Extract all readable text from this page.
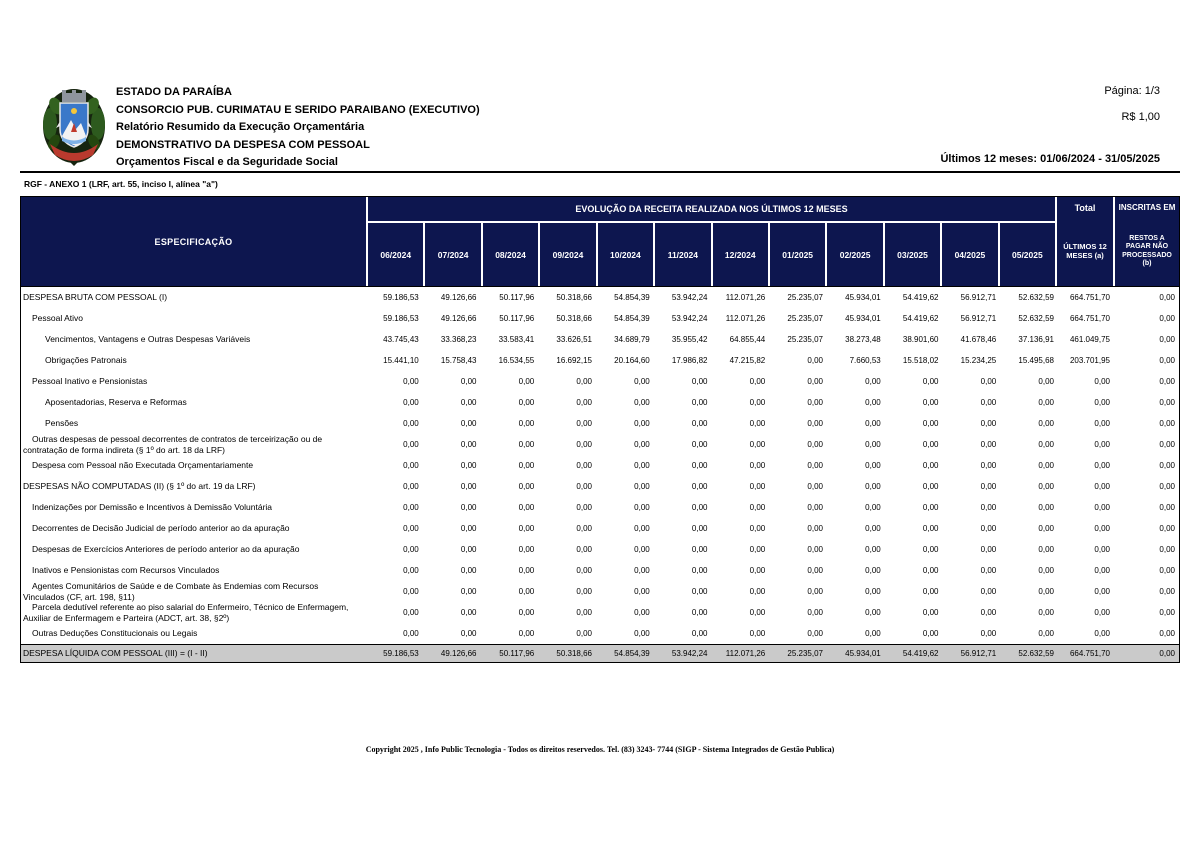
ESTADO DA PARAÍBA
CONSORCIO PUB. CURIMATAU E SERIDO PARAIBANO (EXECUTIVO)
Relatório Resumido da Execução Orçamentária
DEMONSTRATIVO DA DESPESA COM PESSOAL
Orçamentos Fiscal e da Seguridade Social
Página: 1/3
R$ 1,00
Últimos 12 meses: 01/06/2024 - 31/05/2025
RGF - ANEXO 1 (LRF, art. 55, inciso I, alínea "a")
ESPECIFICAÇÃO
EVOLUÇÃO DA RECEITA REALIZADA NOS ÚLTIMOS 12 MESES
06/2024	07/2024	08/2024	09/2024	10/2024	11/2024	12/2024	01/2025	02/2025	03/2025	04/2025	05/2025
Total
ÚLTIMOS 12 MESES (a)
INSCRITAS EM
RESTOS A PAGAR NÃO PROCESSADO (b)
DESPESA BRUTA COM PESSOAL (I)	59.186,53	49.126,66	50.117,96	50.318,66	54.854,39	53.942,24	112.071,26	25.235,07	45.934,01	54.419,62	56.912,71	52.632,59	664.751,70	0,00
Pessoal Ativo	59.186,53	49.126,66	50.117,96	50.318,66	54.854,39	53.942,24	112.071,26	25.235,07	45.934,01	54.419,62	56.912,71	52.632,59	664.751,70	0,00
Vencimentos, Vantagens e Outras Despesas Variáveis	43.745,43	33.368,23	33.583,41	33.626,51	34.689,79	35.955,42	64.855,44	25.235,07	38.273,48	38.901,60	41.678,46	37.136,91	461.049,75	0,00
Obrigações Patronais	15.441,10	15.758,43	16.534,55	16.692,15	20.164,60	17.986,82	47.215,82	0,00	7.660,53	15.518,02	15.234,25	15.495,68	203.701,95	0,00
Pessoal Inativo e Pensionistas	0,00	0,00	0,00	0,00	0,00	0,00	0,00	0,00	0,00	0,00	0,00	0,00	0,00	0,00
Aposentadorias, Reserva e Reformas	0,00	0,00	0,00	0,00	0,00	0,00	0,00	0,00	0,00	0,00	0,00	0,00	0,00	0,00
Pensões	0,00	0,00	0,00	0,00	0,00	0,00	0,00	0,00	0,00	0,00	0,00	0,00	0,00	0,00
Outras despesas de pessoal decorrentes de contratos de terceirização ou de contratação de forma indireta (§ 1º do art. 18 da LRF)	0,00	0,00	0,00	0,00	0,00	0,00	0,00	0,00	0,00	0,00	0,00	0,00	0,00	0,00
Despesa com Pessoal não Executada Orçamentariamente	0,00	0,00	0,00	0,00	0,00	0,00	0,00	0,00	0,00	0,00	0,00	0,00	0,00	0,00
DESPESAS NÃO COMPUTADAS (II) (§ 1º do art. 19 da LRF)	0,00	0,00	0,00	0,00	0,00	0,00	0,00	0,00	0,00	0,00	0,00	0,00	0,00	0,00
Indenizações por Demissão e Incentivos à Demissão Voluntária	0,00	0,00	0,00	0,00	0,00	0,00	0,00	0,00	0,00	0,00	0,00	0,00	0,00	0,00
Decorrentes de Decisão Judicial de período anterior ao da apuração	0,00	0,00	0,00	0,00	0,00	0,00	0,00	0,00	0,00	0,00	0,00	0,00	0,00	0,00
Despesas de Exercícios Anteriores de período anterior ao da apuração	0,00	0,00	0,00	0,00	0,00	0,00	0,00	0,00	0,00	0,00	0,00	0,00	0,00	0,00
Inativos e Pensionistas com Recursos Vinculados	0,00	0,00	0,00	0,00	0,00	0,00	0,00	0,00	0,00	0,00	0,00	0,00	0,00	0,00
Agentes Comunitários de Saúde e de Combate às Endemias com Recursos Vinculados (CF, art. 198, §11)	0,00	0,00	0,00	0,00	0,00	0,00	0,00	0,00	0,00	0,00	0,00	0,00	0,00	0,00
Parcela dedutível referente ao piso salarial do Enfermeiro, Técnico de Enfermagem, Auxiliar de Enfermagem e Parteira (ADCT, art. 38, §2º)	0,00	0,00	0,00	0,00	0,00	0,00	0,00	0,00	0,00	0,00	0,00	0,00	0,00	0,00
Outras Deduções Constitucionais ou Legais	0,00	0,00	0,00	0,00	0,00	0,00	0,00	0,00	0,00	0,00	0,00	0,00	0,00	0,00
DESPESA LÍQUIDA COM PESSOAL (III) = (I - II)	59.186,53	49.126,66	50.117,96	50.318,66	54.854,39	53.942,24	112.071,26	25.235,07	45.934,01	54.419,62	56.912,71	52.632,59	664.751,70	0,00
Copyright 2025 , Info Public Tecnologia - Todos os direitos reservedos. Tel. (83) 3243- 7744 (SIGP - Sistema Integrados de Gestão Publica)
